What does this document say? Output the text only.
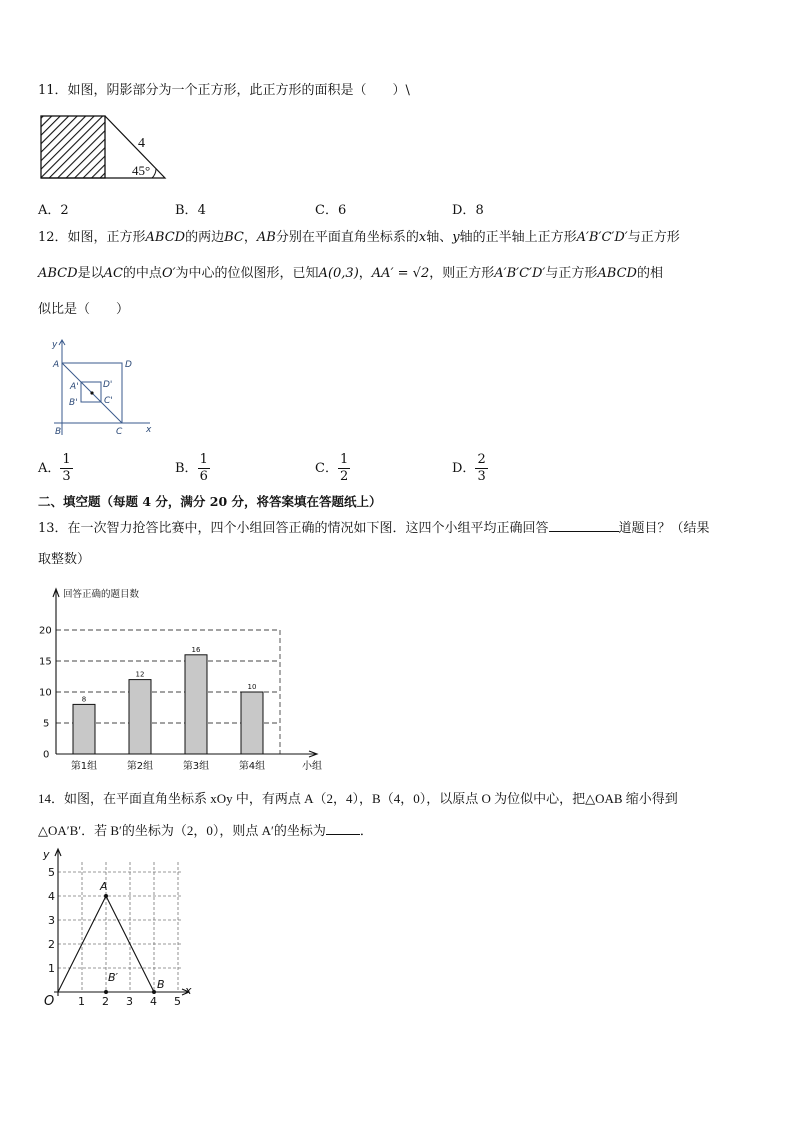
11．如图，阴影部分为一个正方形，此正方形的面积是（　　）\
4
45°
A．2	B．4	C．6	D．8
12．如图，正方形ABCD的两边BC，AB分别在平面直角坐标系的x轴、y轴的正半轴上正方形A′B′C′D′与正方形
ABCD是以AC的中点O′为中心的位似图形，已知A(0,3)，AA′ = √2，则正方形A′B′C′D′与正方形ABCD的相
似比是（　　）
y
A	D
A'	D'
B'	C'
B	C	x
A． $\frac{1}{3}$	B． $\frac{1}{6}$	C． $\frac{1}{2}$	D． $\frac{2}{3}$
二、填空题（每题 4 分，满分 20 分，将答案填在答题纸上）
13．在一次智力抢答比赛中，四个小组回答正确的情况如下图．这四个小组平均正确回答	道题目？（结果
取整数）
回答正确的题目数
小组
0
5
10
15
20
8
第1组
12
第2组
16
第3组
10
第4组
14．如图，在平面直角坐标系 xOy 中，有两点 A（2，4），B（4，0），以原点 O 为位似中心，把△OAB 缩小得到
△OA′B′．若 B′的坐标为（2，0），则点 A′的坐标为	．
y
x
O 1 2 3 4 5
1
2
3
4
5
A
B
B′
